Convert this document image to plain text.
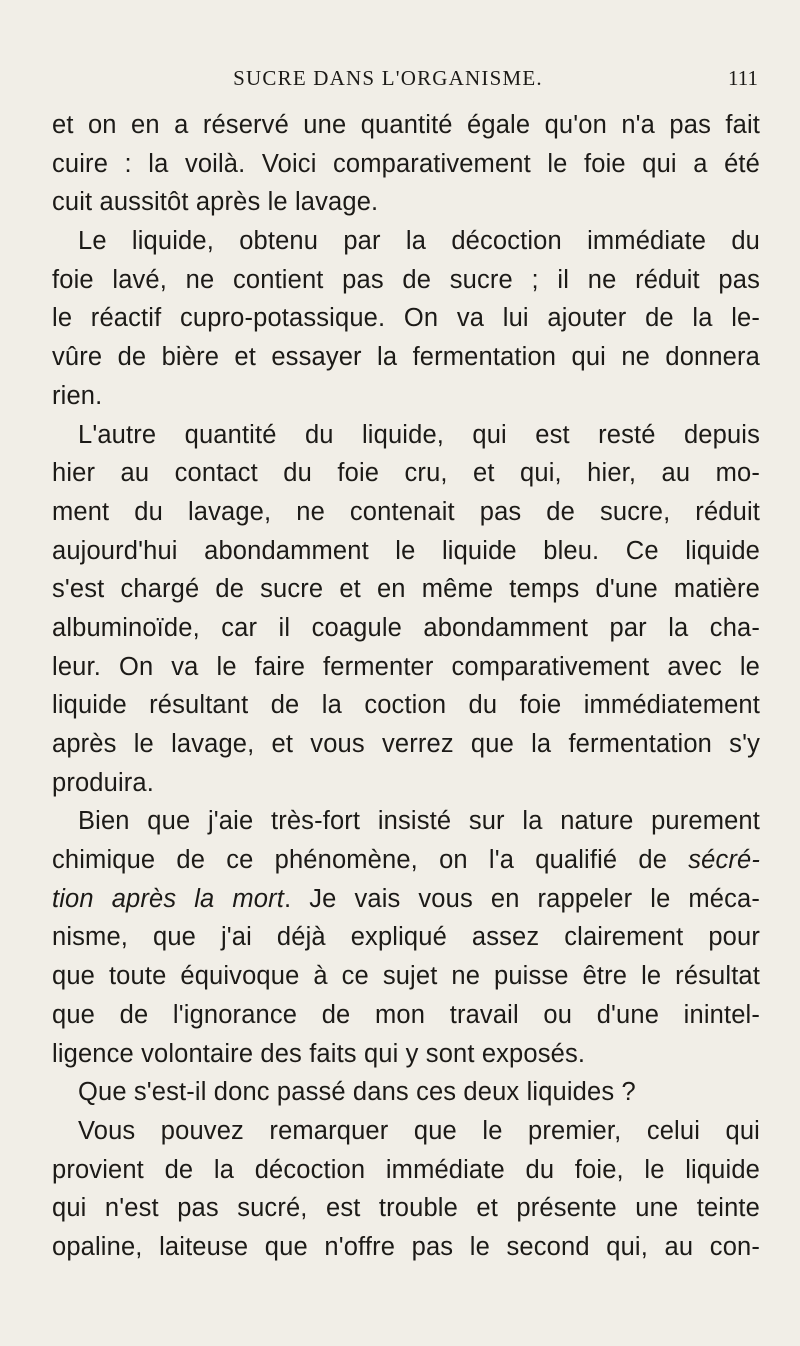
SUCRE DANS L'ORGANISME.	111
et on en a réservé une quantité égale qu'on n'a pas fait
cuire : la voilà. Voici comparativement le foie qui a été
cuit aussitôt après le lavage.
Le liquide, obtenu par la décoction immédiate du
foie lavé, ne contient pas de sucre ; il ne réduit pas
le réactif cupro-potassique. On va lui ajouter de la le-
vûre de bière et essayer la fermentation qui ne donnera
rien.
L'autre quantité du liquide, qui est resté depuis
hier au contact du foie cru, et qui, hier, au mo-
ment du lavage, ne contenait pas de sucre, réduit
aujourd'hui abondamment le liquide bleu. Ce liquide
s'est chargé de sucre et en même temps d'une matière
albuminoïde, car il coagule abondamment par la cha-
leur. On va le faire fermenter comparativement avec le
liquide résultant de la coction du foie immédiatement
après le lavage, et vous verrez que la fermentation s'y
produira.
Bien que j'aie très-fort insisté sur la nature purement
chimique de ce phénomène, on l'a qualifié de sécré-
tion après la mort. Je vais vous en rappeler le méca-
nisme, que j'ai déjà expliqué assez clairement pour
que toute équivoque à ce sujet ne puisse être le résultat
que de l'ignorance de mon travail ou d'une inintel-
ligence volontaire des faits qui y sont exposés.
Que s'est-il donc passé dans ces deux liquides ?
Vous pouvez remarquer que le premier, celui qui
provient de la décoction immédiate du foie, le liquide
qui n'est pas sucré, est trouble et présente une teinte
opaline, laiteuse que n'offre pas le second qui, au con-
